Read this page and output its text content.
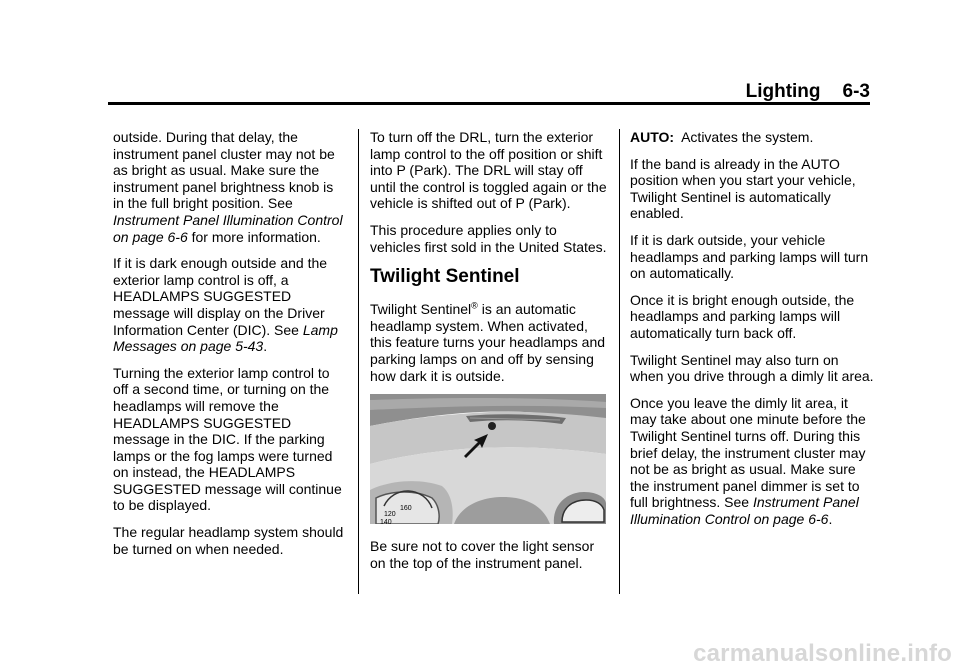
Lighting 6-3

outside. During that delay, the instrument panel cluster may not be as bright as usual. Make sure the instrument panel brightness knob is in the full bright position. See Instrument Panel Illumination Control on page 6-6 for more information.

If it is dark enough outside and the exterior lamp control is off, a HEADLAMPS SUGGESTED message will display on the Driver Information Center (DIC). See Lamp Messages on page 5-43.

Turning the exterior lamp control to off a second time, or turning on the headlamps will remove the HEADLAMPS SUGGESTED message in the DIC. If the parking lamps or the fog lamps were turned on instead, the HEADLAMPS SUGGESTED message will continue to be displayed.

The regular headlamp system should be turned on when needed.

To turn off the DRL, turn the exterior lamp control to the off position or shift into P (Park). The DRL will stay off until the control is toggled again or the vehicle is shifted out of P (Park).

This procedure applies only to vehicles first sold in the United States.

Twilight Sentinel

Twilight Sentinel® is an automatic headlamp system. When activated, this feature turns your headlamps and parking lamps on and off by sensing how dark it is outside.

120
140
160

Be sure not to cover the light sensor on the top of the instrument panel.

AUTO:  Activates the system.

If the band is already in the AUTO position when you start your vehicle, Twilight Sentinel is automatically enabled.

If it is dark outside, your vehicle headlamps and parking lamps will turn on automatically.

Once it is bright enough outside, the headlamps and parking lamps will automatically turn back off.

Twilight Sentinel may also turn on when you drive through a dimly lit area.

Once you leave the dimly lit area, it may take about one minute before the Twilight Sentinel turns off. During this brief delay, the instrument cluster may not be as bright as usual. Make sure the instrument panel dimmer is set to full brightness. See Instrument Panel Illumination Control on page 6-6.

carmanualsonline.info
